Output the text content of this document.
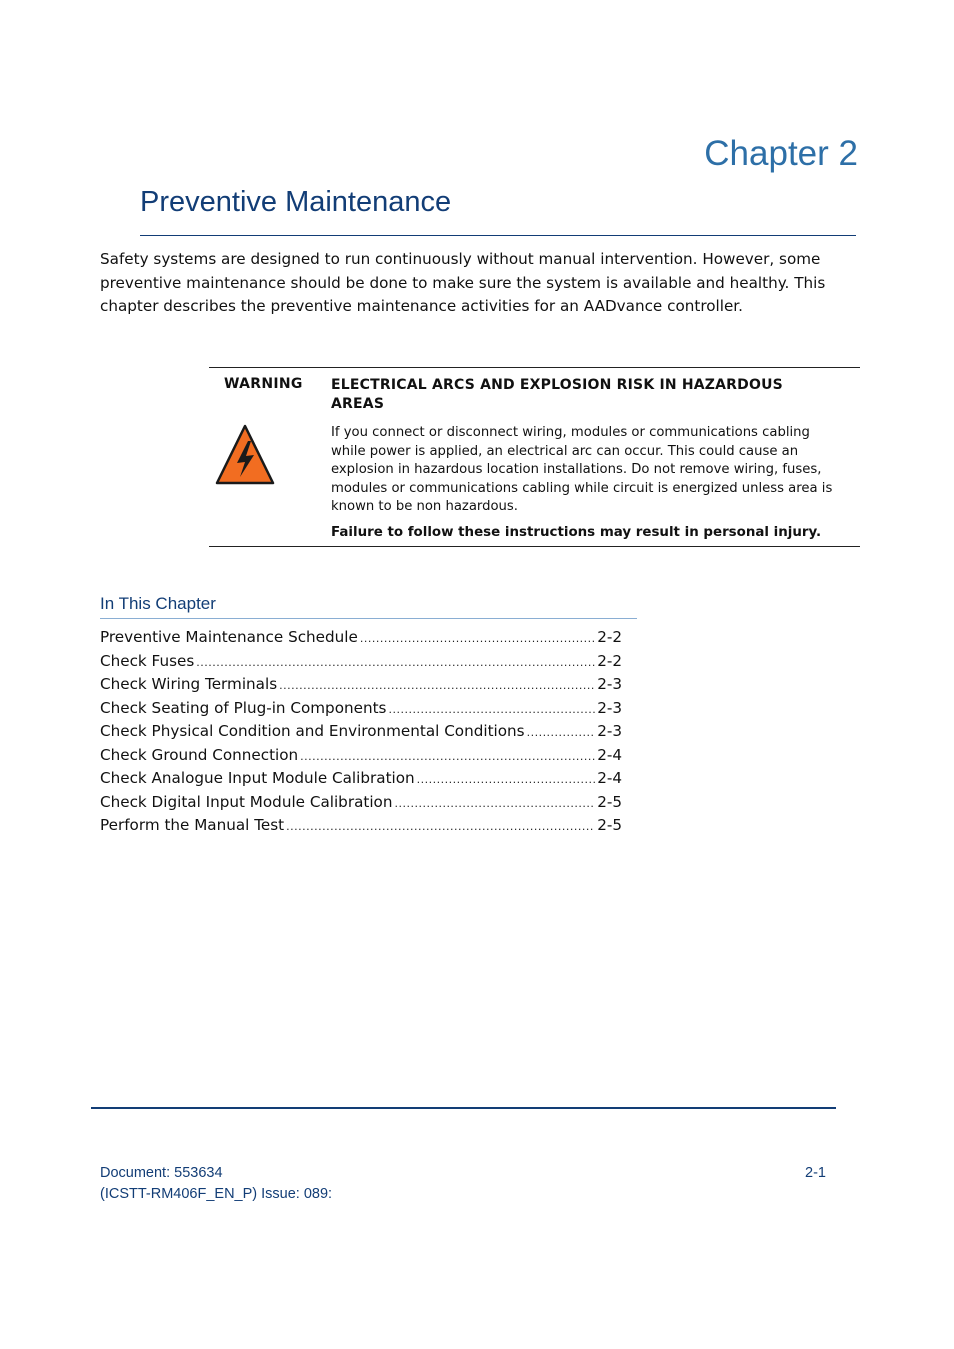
Chapter 2
Preventive Maintenance

Safety systems are designed to run continuously without manual intervention. However, some preventive maintenance should be done to make sure the system is available and healthy. This chapter describes the preventive maintenance activities for an AADvance controller.

WARNING ELECTRICAL ARCS AND EXPLOSION RISK IN HAZARDOUS AREAS
If you connect or disconnect wiring, modules or communications cabling while power is applied, an electrical arc can occur. This could cause an explosion in hazardous location installations. Do not remove wiring, fuses, modules or communications cabling while circuit is energized unless area is known to be non hazardous.
Failure to follow these instructions may result in personal injury.
In This Chapter
Preventive Maintenance Schedule .....	2-2
Check Fuses .....	2-2
Check Wiring Terminals .....	2-3
Check Seating of Plug-in Components .....	2-3
Check Physical Condition and Environmental Conditions .....	2-3
Check Ground Connection .....	2-4
Check Analogue Input Module Calibration .....	2-4
Check Digital Input Module Calibration .....	2-5
Perform the Manual Test .....	2-5
Document: 553634
(ICSTT-RM406F_EN_P) Issue: 089:
2-1
